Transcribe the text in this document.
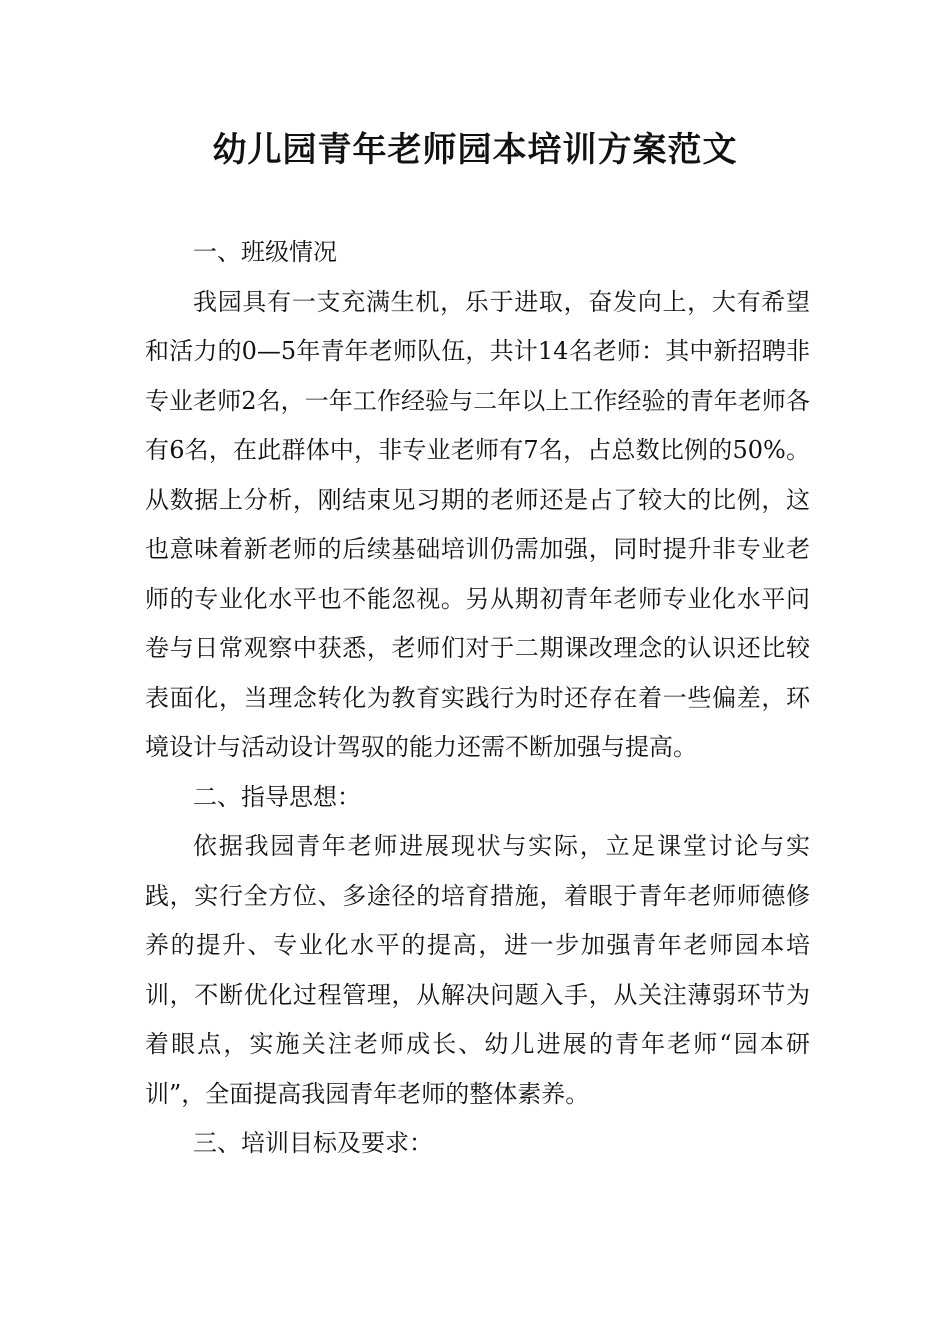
幼儿园青年老师园本培训方案范文

一、班级情况

我园具有一支充满生机，乐于进取，奋发向上，大有希望和活力的0—5年青年老师队伍，共计14名老师：其中新招聘非专业老师2名，一年工作经验与二年以上工作经验的青年老师各有6名，在此群体中，非专业老师有7名，占总数比例的50%。从数据上分析，刚结束见习期的老师还是占了较大的比例，这也意味着新老师的后续基础培训仍需加强，同时提升非专业老师的专业化水平也不能忽视。另从期初青年老师专业化水平问卷与日常观察中获悉，老师们对于二期课改理念的认识还比较表面化，当理念转化为教育实践行为时还存在着一些偏差，环境设计与活动设计驾驭的能力还需不断加强与提高。

二、指导思想：

依据我园青年老师进展现状与实际，立足课堂讨论与实践，实行全方位、多途径的培育措施，着眼于青年老师师德修养的提升、专业化水平的提高，进一步加强青年老师园本培训，不断优化过程管理，从解决问题入手，从关注薄弱环节为着眼点，实施关注老师成长、幼儿进展的青年老师“园本研训”，全面提高我园青年老师的整体素养。

三、培训目标及要求：
